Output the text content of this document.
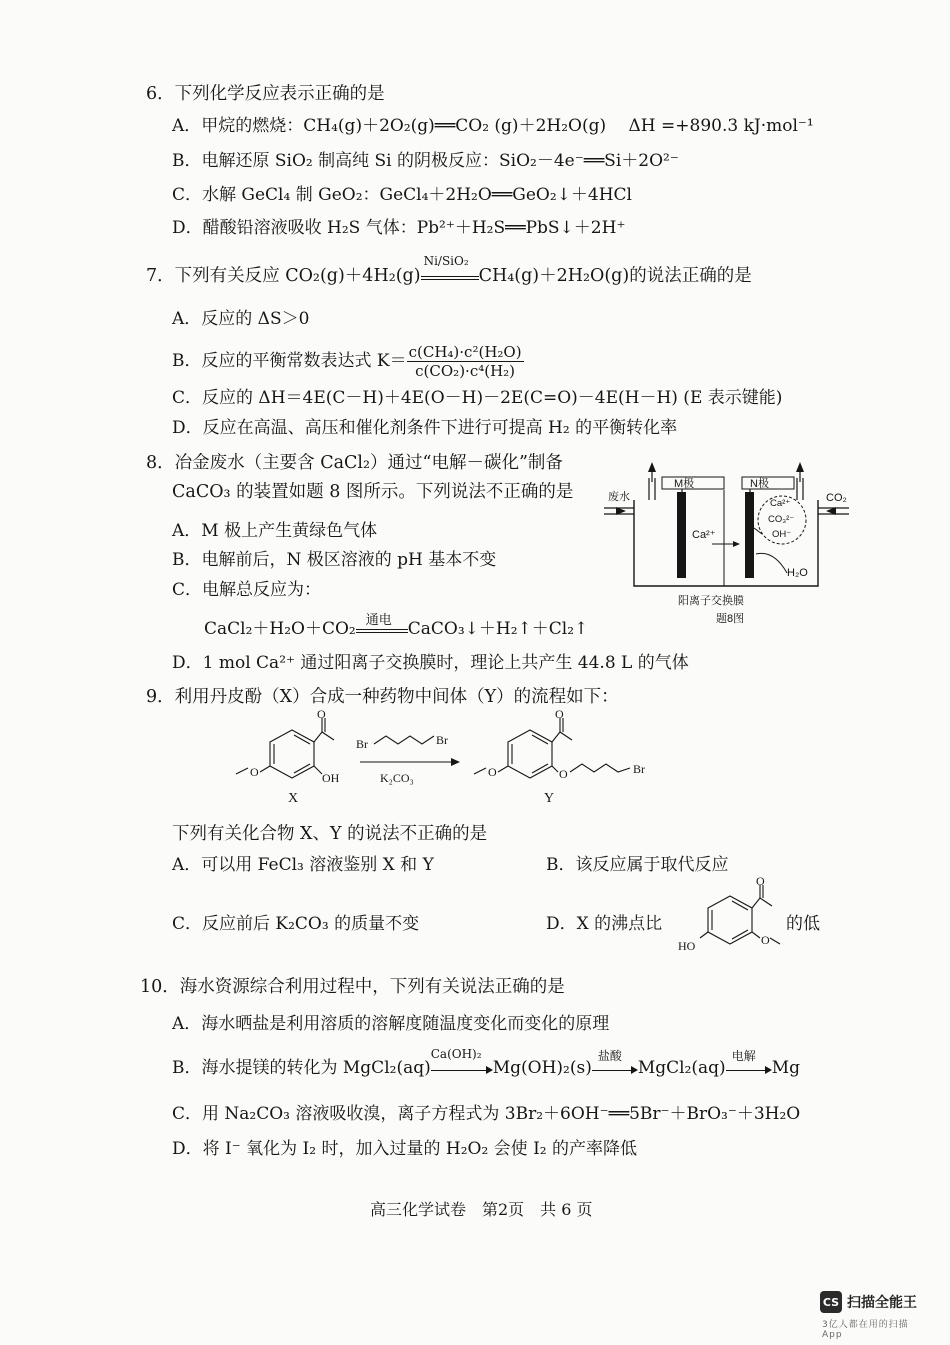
6．下列化学反应表示正确的是
A．甲烷的燃烧：CH₄(g)＋2O₂(g)══CO₂ (g)＋2H₂O(g)　 ΔH =+890.3 kJ·mol⁻¹
B．电解还原 SiO₂ 制高纯 Si 的阴极反应：SiO₂－4e⁻══Si＋2O²⁻
C．水解 GeCl₄ 制 GeO₂：GeCl₄＋2H₂O══GeO₂↓＋4HCl
D．醋酸铅溶液吸收 H₂S 气体：Pb²⁺＋H₂S══PbS↓＋2H⁺
7．下列有关反应 CO₂(g)＋4H₂(g)
Ni/SiO₂
CH₄(g)＋2H₂O(g)的说法正确的是
A．反应的 ΔS＞0
B．反应的平衡常数表达式 $K= \frac{\text{c(CH₄)·c²(H₂O)}}{\text{c(CO₂)·c⁴(H₂)}}$
C．反应的 ΔH＝4E(C－H)＋4E(O－H)－2E(C=O)－4E(H－H) (E 表示键能)
D．反应在高温、高压和催化剂条件下进行可提高 H₂ 的平衡转化率
8．冶金废水（主要含 CaCl₂）通过“电解－碳化”制备
CaCO₃ 的装置如题 8 图所示。下列说法不正确的是
A．M 极上产生黄绿色气体
B．电解前后，N 极区溶液的 pH 基本不变
C．电解总反应为：
CaCl₂＋H₂O＋CO₂ 通电 CaCO₃↓＋H₂↑＋Cl₂↑
D．1 mol Ca²⁺ 通过阳离子交换膜时，理论上共产生 44.8 L 的气体
M极	N极
废水	CO₂
Ca²⁺
Ca²⁺
CO₃²⁻
OH⁻
H₂O
阳离子交换膜
题8图
9．利用丹皮酚（X）合成一种药物中间体（Y）的流程如下：
O
O	OH
X
Br	Br
K₂CO₃
O
O	O	Br
Y
下列有关化合物 X、Y 的说法不正确的是
A．可以用 FeCl₃ 溶液鉴别 X 和 Y	B．该反应属于取代反应
C．反应前后 K₂CO₃ 的质量不变	D．X 的沸点比	的低
O
O
HO
10．海水资源综合利用过程中，下列有关说法正确的是
A．海水晒盐是利用溶质的溶解度随温度变化而变化的原理
B．海水提镁的转化为 MgCl₂(aq)
Ca(OH)₂
Mg(OH)₂(s)
盐酸
MgCl₂(aq)
电解
Mg
C．用 Na₂CO₃ 溶液吸收溴，离子方程式为 3Br₂＋6OH⁻══5Br⁻＋BrO₃⁻＋3H₂O
D．将 I⁻ 氧化为 I₂ 时，加入过量的 H₂O₂ 会使 I₂ 的产率降低
高三化学试卷　第2页　共 6 页
CS 扫描全能王
3亿人都在用的扫描App
